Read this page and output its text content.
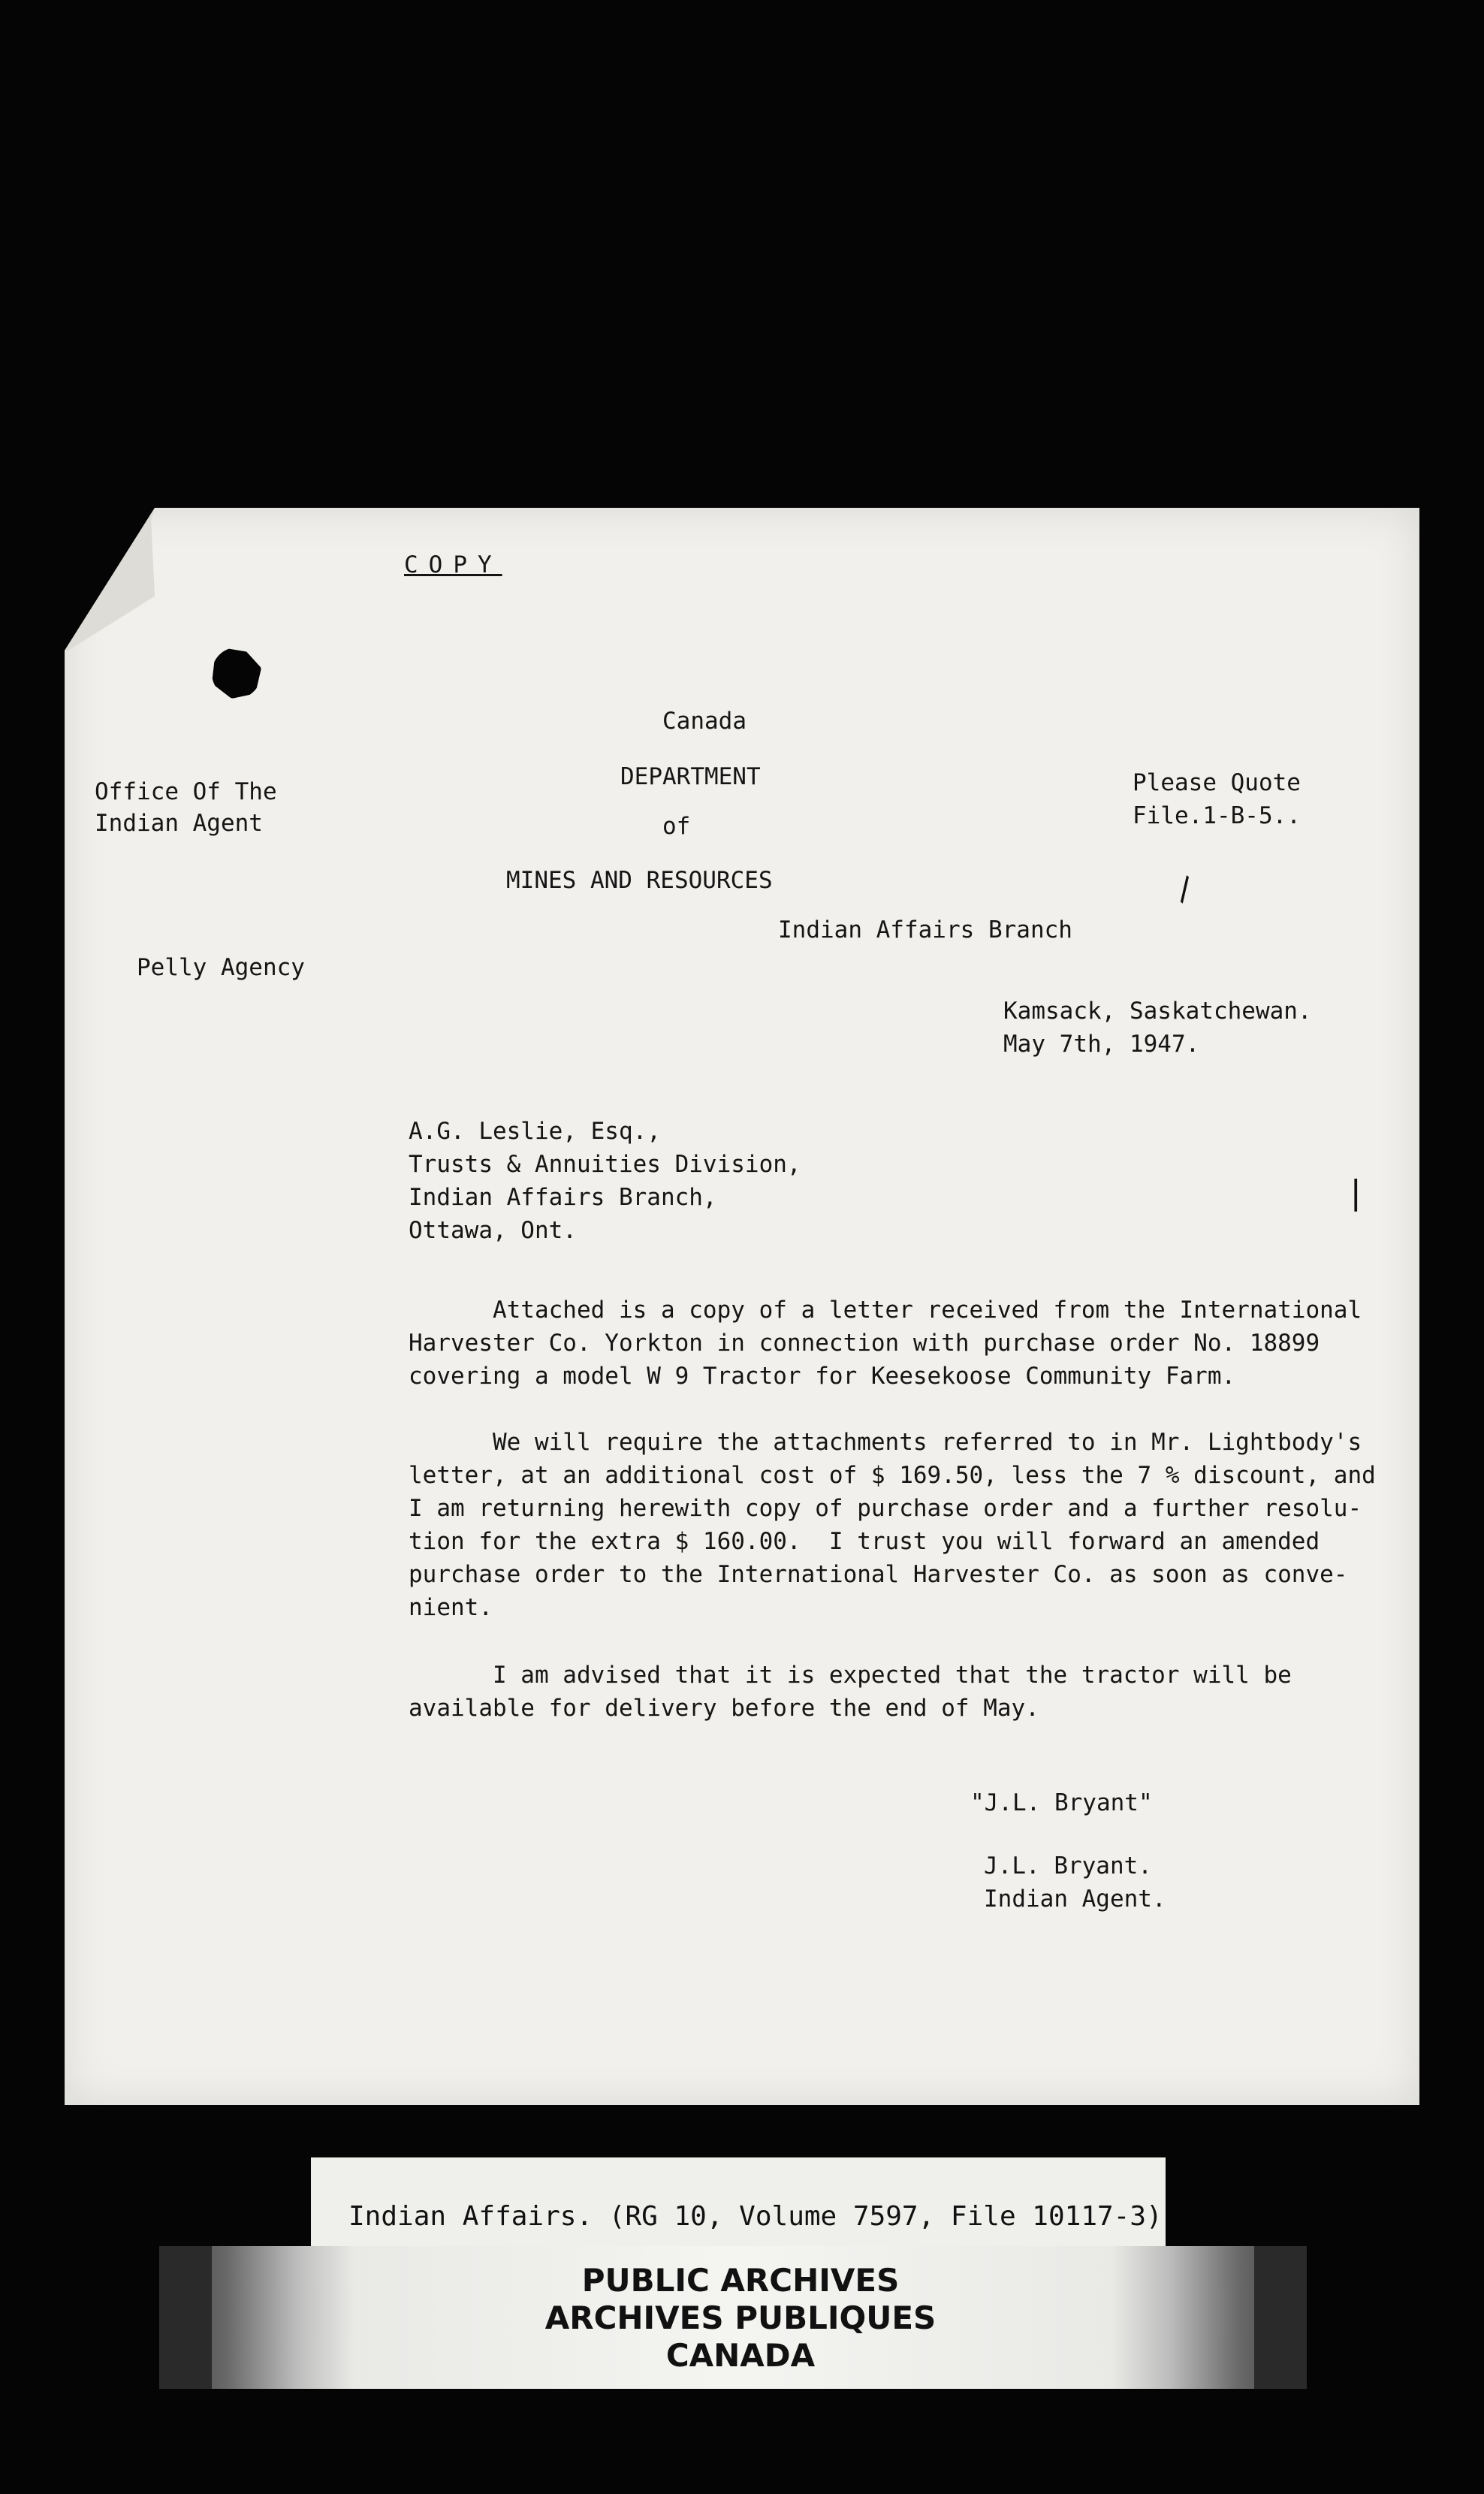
COPY
Canada
DEPARTMENT
of
MINES AND RESOURCES
Indian Affairs Branch
Office Of The
Indian Agent
Pelly Agency
Please Quote
File.1-B-5..
Kamsack, Saskatchewan.
May 7th, 1947.
A.G. Leslie, Esq.,
Trusts & Annuities Division,
Indian Affairs Branch,
Ottawa, Ont.
Attached is a copy of a letter received from the International
Harvester Co. Yorkton in connection with purchase order No. 18899
covering a model W 9 Tractor for Keesekoose Community Farm.
We will require the attachments referred to in Mr. Lightbody's
letter, at an additional cost of $ 169.50, less the 7 % discount, and
I am returning herewith copy of purchase order and a further resolu-
tion for the extra $ 160.00.  I trust you will forward an amended
purchase order to the International Harvester Co. as soon as conve-
nient.
I am advised that it is expected that the tractor will be
available for delivery before the end of May.
"J.L. Bryant"
J.L. Bryant.
Indian Agent.
\
|
Indian Affairs. (RG 10, Volume 7597, File 10117-3)
PUBLIC ARCHIVES
ARCHIVES PUBLIQUES
CANADA
